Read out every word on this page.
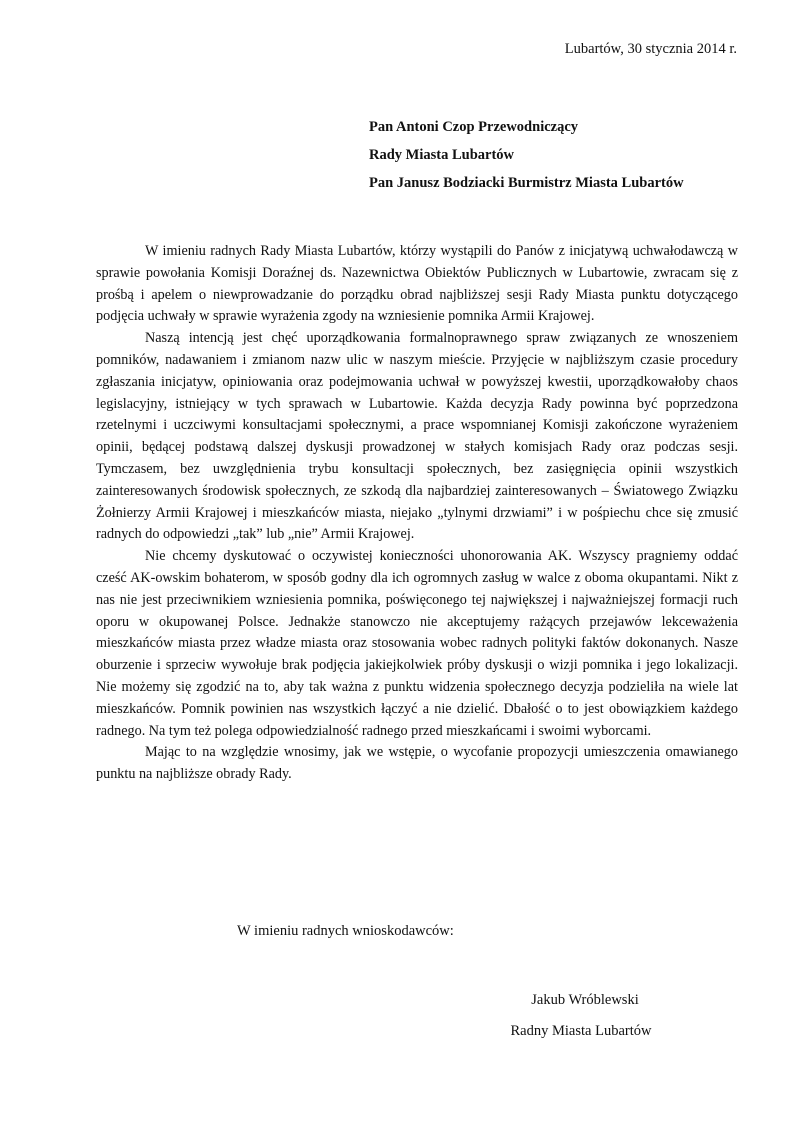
Lubartów, 30 stycznia 2014 r.
Pan Antoni Czop Przewodniczący
Rady Miasta Lubartów
Pan Janusz Bodziacki Burmistrz Miasta Lubartów

W imieniu radnych Rady Miasta Lubartów, którzy wystąpili do Panów z inicjatywą uchwałodawczą w sprawie powołania Komisji Doraźnej ds. Nazewnictwa Obiektów Publicznych w Lubartowie, zwracam się z prośbą i apelem o niewprowadzanie do porządku obrad najbliższej sesji Rady Miasta punktu dotyczącego podjęcia uchwały w sprawie wyrażenia zgody na wzniesienie pomnika Armii Krajowej.

Naszą intencją jest chęć uporządkowania formalnoprawnego spraw związanych ze wnoszeniem pomników, nadawaniem i zmianom nazw ulic w naszym mieście. Przyjęcie w najbliższym czasie procedury zgłaszania inicjatyw, opiniowania oraz podejmowania uchwał w powyższej kwestii, uporządkowałoby chaos legislacyjny, istniejący w tych sprawach w Lubartowie. Każda decyzja Rady powinna być poprzedzona rzetelnymi i uczciwymi konsultacjami społecznymi, a prace wspomnianej Komisji zakończone wyrażeniem opinii, będącej podstawą dalszej dyskusji prowadzonej w stałych komisjach Rady oraz podczas sesji. Tymczasem, bez uwzględnienia trybu konsultacji społecznych, bez zasięgnięcia opinii wszystkich zainteresowanych środowisk społecznych, ze szkodą dla najbardziej zainteresowanych – Światowego Związku Żołnierzy Armii Krajowej i mieszkańców miasta, niejako „tylnymi drzwiami” i w pośpiechu chce się zmusić radnych do odpowiedzi „tak” lub „nie” Armii Krajowej.

Nie chcemy dyskutować o oczywistej konieczności uhonorowania AK. Wszyscy pragniemy oddać cześć AK-owskim bohaterom, w sposób godny dla ich ogromnych zasług w walce z oboma okupantami. Nikt z nas nie jest przeciwnikiem wzniesienia pomnika, poświęconego tej największej i najważniejszej formacji ruch oporu w okupowanej Polsce. Jednakże stanowczo nie akceptujemy rażących przejawów lekceważenia mieszkańców miasta przez władze miasta oraz stosowania wobec radnych polityki faktów dokonanych. Nasze oburzenie i sprzeciw wywołuje brak podjęcia jakiejkolwiek próby dyskusji o wizji pomnika i jego lokalizacji. Nie możemy się zgodzić na to, aby tak ważna z punktu widzenia społecznego decyzja podzieliła na wiele lat mieszkańców. Pomnik powinien nas wszystkich łączyć a nie dzielić. Dbałość o to jest obowiązkiem każdego radnego. Na tym też polega odpowiedzialność radnego przed mieszkańcami i swoimi wyborcami.

Mając to na względzie wnosimy, jak we wstępie, o wycofanie propozycji umieszczenia omawianego punktu na najbliższe obrady Rady.

W imieniu radnych wnioskodawców:
Jakub Wróblewski
Radny Miasta Lubartów
